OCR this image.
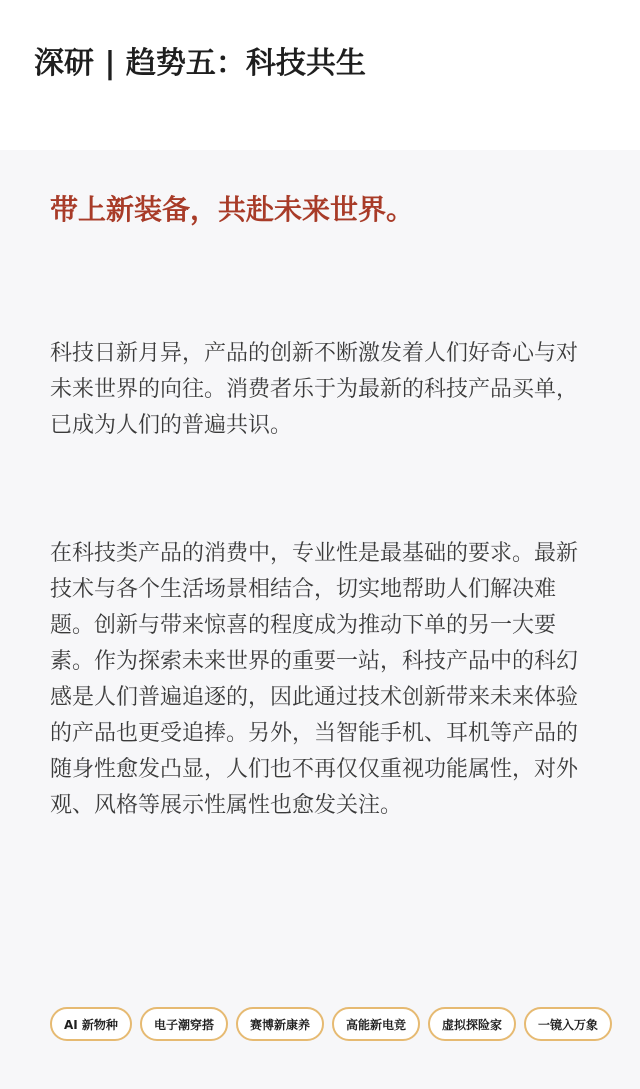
深研 | 趋势五：科技共生
带上新装备，共赴未来世界。

科技日新月异，产品的创新不断激发着人们好奇心与对未来世界的向往。消费者乐于为最新的科技产品买单，已成为人们的普遍共识。

在科技类产品的消费中，专业性是最基础的要求。最新技术与各个生活场景相结合，切实地帮助人们解决难题。创新与带来惊喜的程度成为推动下单的另一大要素。作为探索未来世界的重要一站，科技产品中的科幻感是人们普遍追逐的，因此通过技术创新带来未来体验的产品也更受追捧。另外，当智能手机、耳机等产品的随身性愈发凸显，人们也不再仅仅重视功能属性，对外观、风格等展示性属性也愈发关注。

AI 新物种	电子潮穿搭	赛博新康养	高能新电竞	虚拟探险家	一镜入万象
